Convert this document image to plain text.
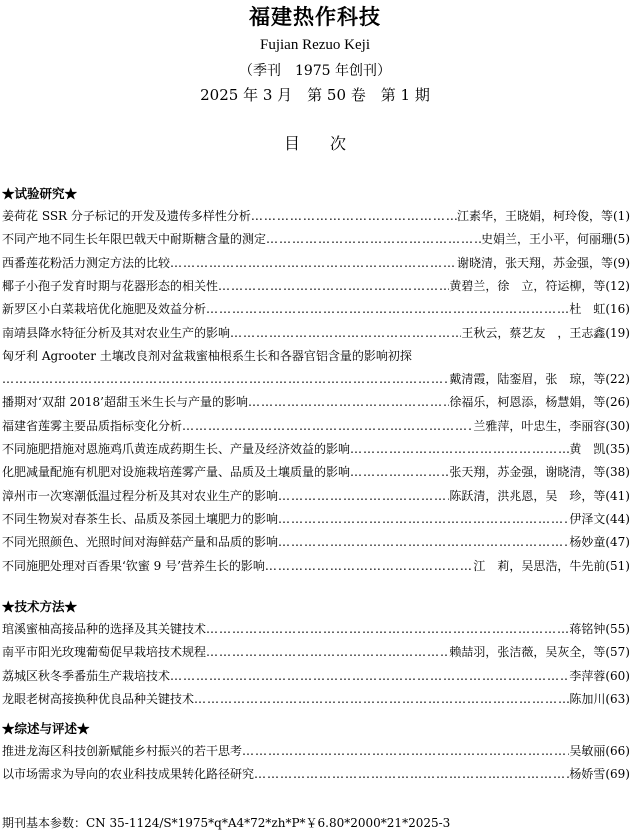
福建热作科技
Fujian Rezuo Keji
（季刊　1975 年创刊）
2025 年 3 月　第 50 卷　第 1 期
目次
★试验研究★
姜荷花 SSR 分子标记的开发及遗传多样性分析 …………………………………………………………………………………………………………………………………………………………………………………………………………………………………………………	江素华，王晓娟，柯玲俊，等 (1)
不同产地不同生长年限巴戟天中耐斯糖含量的测定 …………………………………………………………………………………………………………………………………………………………………………………………………………………………………………………	史娟兰，王小平，何丽珊 (5)
西番莲花粉活力测定方法的比较 …………………………………………………………………………………………………………………………………………………………………………………………………………………………………………………	谢晓清，张天翔，苏金强，等 (9)
椰子小孢子发育时期与花器形态的相关性 …………………………………………………………………………………………………………………………………………………………………………………………………………………………………………………	黄碧兰，徐　立，符运柳，等 (12)
新罗区小白菜栽培优化施肥及效益分析 …………………………………………………………………………………………………………………………………………………………………………………………………………………………………………………	杜　虹 (16)
南靖县降水特征分析及其对农业生产的影响 …………………………………………………………………………………………………………………………………………………………………………………………………………………………………………………	王秋云，蔡艺友　，王志鑫 (19)
匈牙利 Agrooter 土壤改良剂对盆栽蜜柚根系生长和各器官铝含量的影响初探
…………………………………………………………………………………………………………………………………………………………………………………………………………………………………………………
戴清霞，陆銮眉，张　琼，等 (22)
播期对‘双甜 2018’超甜玉米生长与产量的影响 …………………………………………………………………………………………………………………………………………………………………………………………………………………………………………………	徐福乐，柯恩添，杨慧娟，等 (26)
福建省莲雾主要品质指标变化分析 …………………………………………………………………………………………………………………………………………………………………………………………………………………………………………………	兰雅萍，叶忠生，李丽容 (30)
不同施肥措施对恩施鸡爪黄连成药期生长、产量及经济效益的影响 …………………………………………………………………………………………………………………………………………………………………………………………………………………………………………………	黄　凯 (35)
化肥减量配施有机肥对设施栽培莲雾产量、品质及土壤质量的影响 …………………………………………………………………………………………………………………………………………………………………………………………………………………………………………………	张天翔，苏金强，谢晓清，等 (38)
漳州市一次寒潮低温过程分析及其对农业生产的影响 …………………………………………………………………………………………………………………………………………………………………………………………………………………………………………………	陈跃清，洪兆恩，吴　珍，等 (41)
不同生物炭对春茶生长、品质及茶园土壤肥力的影响 …………………………………………………………………………………………………………………………………………………………………………………………………………………………………………………	伊泽文 (44)
不同光照颜色、光照时间对海鲜菇产量和品质的影响 …………………………………………………………………………………………………………………………………………………………………………………………………………………………………………………	杨妙童 (47)
不同施肥处理对百香果‘钦蜜 9 号’营养生长的影响 …………………………………………………………………………………………………………………………………………………………………………………………………………………………………………………	江　莉，吴思浩，牛先前 (51)
★技术方法★
琯溪蜜柚高接品种的选择及其关键技术 …………………………………………………………………………………………………………………………………………………………………………………………………………………………………………………	蒋铭钟 (55)
南平市阳光玫瑰葡萄促早栽培技术规程 …………………………………………………………………………………………………………………………………………………………………………………………………………………………………………………	赖喆羽，张洁薇，吴灰全，等 (57)
荔城区秋冬季番茄生产栽培技术 …………………………………………………………………………………………………………………………………………………………………………………………………………………………………………………	李萍蓉 (60)
龙眼老树高接换种优良品种关键技术 …………………………………………………………………………………………………………………………………………………………………………………………………………………………………………………	陈加川 (63)
★综述与评述★
推进龙海区科技创新赋能乡村振兴的若干思考 …………………………………………………………………………………………………………………………………………………………………………………………………………………………………………………	吴敏丽 (66)
以市场需求为导向的农业科技成果转化路径研究 …………………………………………………………………………………………………………………………………………………………………………………………………………………………………………………	杨娇雪 (69)
期刊基本参数：CN 35-1124/S*1975*q*A4*72*zh*P*￥6.80*2000*21*2025-3
